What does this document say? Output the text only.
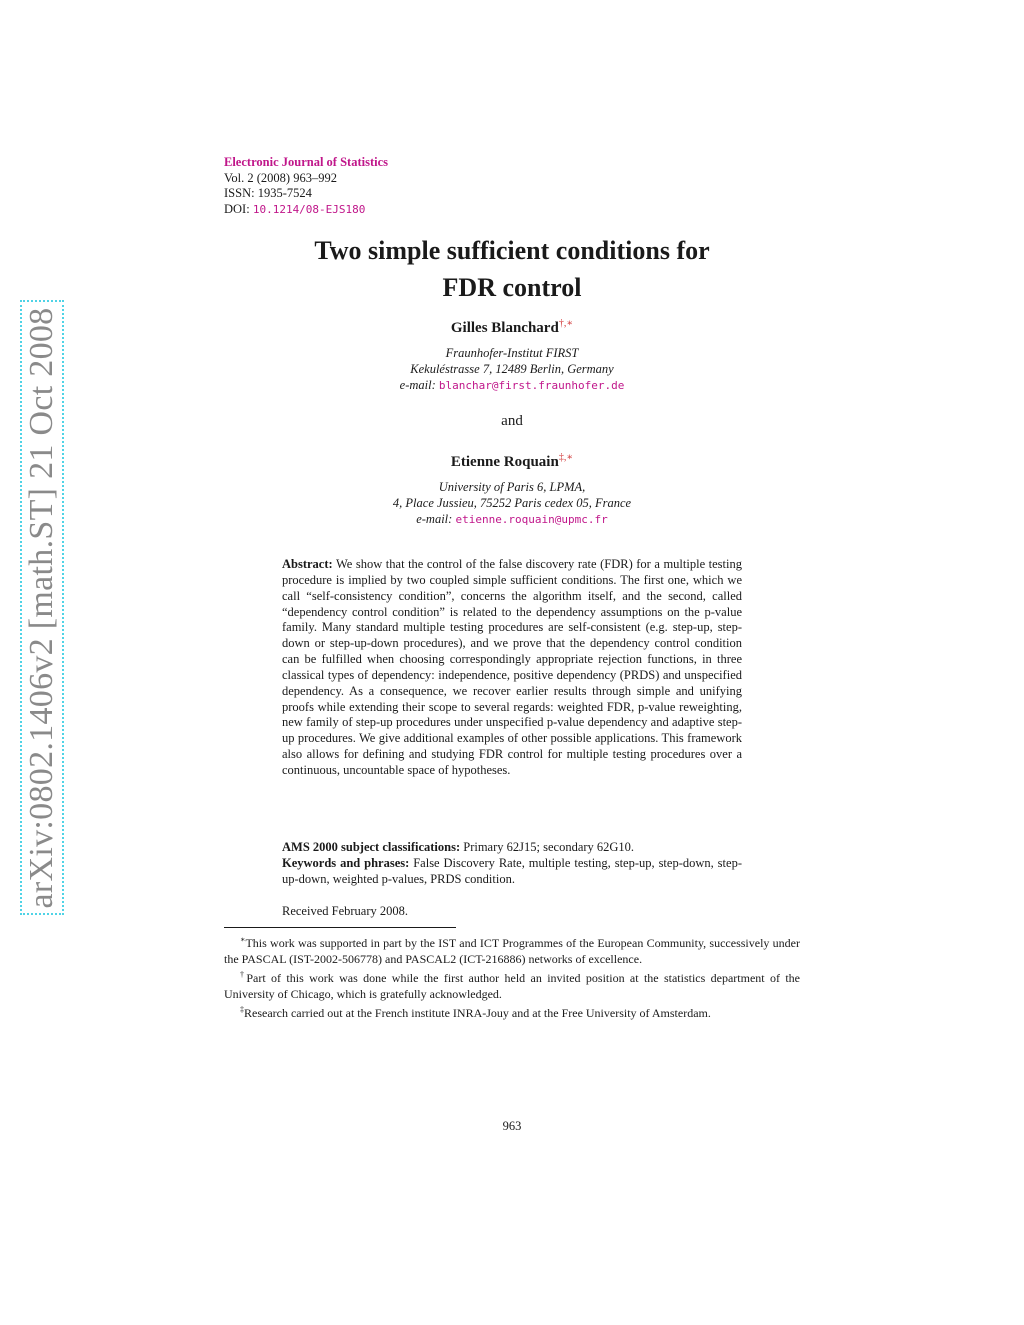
arXiv:0802.1406v2 [math.ST] 21 Oct 2008
Electronic Journal of Statistics
Vol. 2 (2008) 963–992
ISSN: 1935-7524
DOI: 10.1214/08-EJS180
Two simple sufficient conditions for
FDR control
Gilles Blanchard†,∗
Fraunhofer-Institut FIRST
Kekuléstrasse 7, 12489 Berlin, Germany
e-mail: blanchar@first.fraunhofer.de
and
Etienne Roquain‡,∗
University of Paris 6, LPMA,
4, Place Jussieu, 75252 Paris cedex 05, France
e-mail: etienne.roquain@upmc.fr
Abstract: We show that the control of the false discovery rate (FDR) for a multiple testing procedure is implied by two coupled simple sufficient conditions. The first one, which we call “self-consistency condition”, concerns the algorithm itself, and the second, called “dependency control condition” is related to the dependency assumptions on the p-value family. Many standard multiple testing procedures are self-consistent (e.g. step-up, step-down or step-up-down procedures), and we prove that the dependency control condition can be fulfilled when choosing correspondingly appropriate rejection functions, in three classical types of dependency: independence, positive dependency (PRDS) and unspecified dependency. As a consequence, we recover earlier results through simple and unifying proofs while extending their scope to several regards: weighted FDR, p-value reweighting, new family of step-up procedures under unspecified p-value dependency and adaptive step-up procedures. We give additional examples of other possible applications. This framework also allows for defining and studying FDR control for multiple testing procedures over a continuous, uncountable space of hypotheses.
AMS 2000 subject classifications: Primary 62J15; secondary 62G10.
Keywords and phrases: False Discovery Rate, multiple testing, step-up, step-down, step-up-down, weighted p-values, PRDS condition.
Received February 2008.

∗This work was supported in part by the IST and ICT Programmes of the European Community, successively under the PASCAL (IST-2002-506778) and PASCAL2 (ICT-216886) networks of excellence.

†Part of this work was done while the first author held an invited position at the statistics department of the University of Chicago, which is gratefully acknowledged.

‡Research carried out at the French institute INRA-Jouy and at the Free University of Amsterdam.

963
